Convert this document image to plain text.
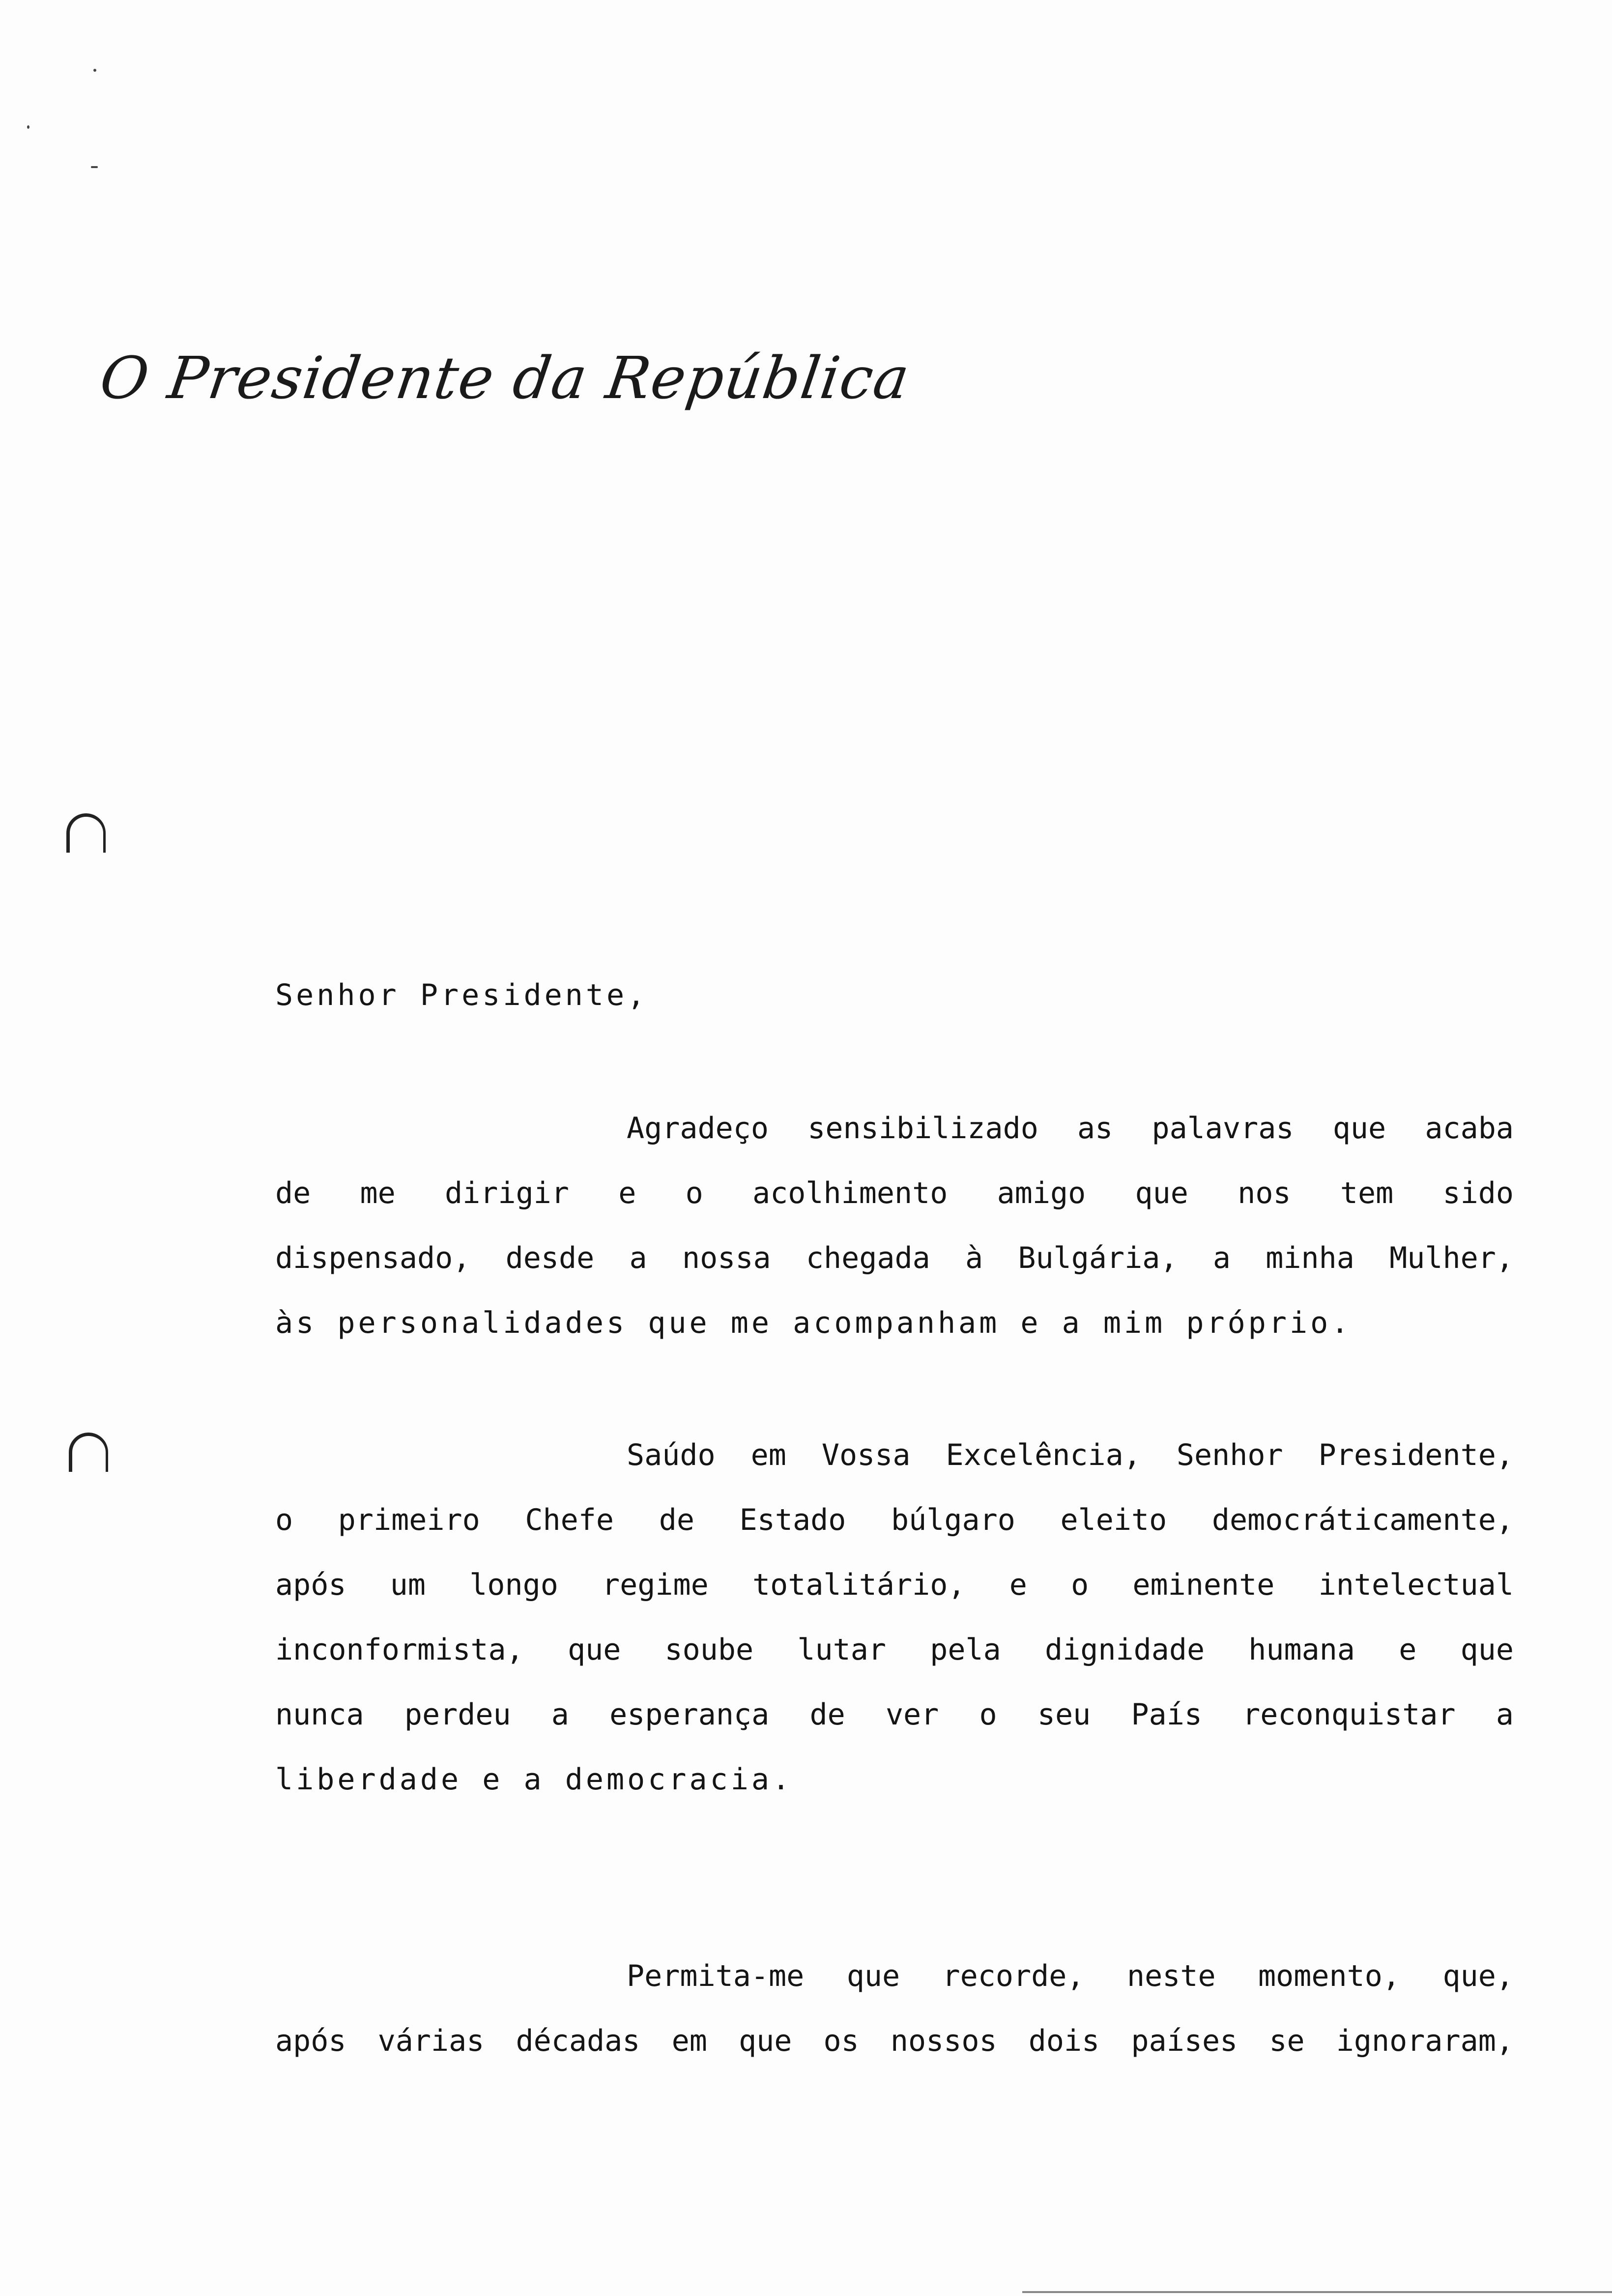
O Presidente da República
Senhor Presidente,
Agradeço sensibilizado as palavras que acaba
de me dirigir e o acolhimento amigo que nos tem sido
dispensado, desde a nossa chegada à Bulgária, a minha Mulher,
às personalidades que me acompanham e a mim próprio.
Saúdo em Vossa Excelência, Senhor Presidente,
o primeiro Chefe de Estado búlgaro eleito democráticamente,
após um longo regime totalitário, e o eminente intelectual
inconformista, que soube lutar pela dignidade humana e que
nunca perdeu a esperança de ver o seu País reconquistar a
liberdade e a democracia.
Permita-me que recorde, neste momento, que,
após várias décadas em que os nossos dois países se ignoraram,
